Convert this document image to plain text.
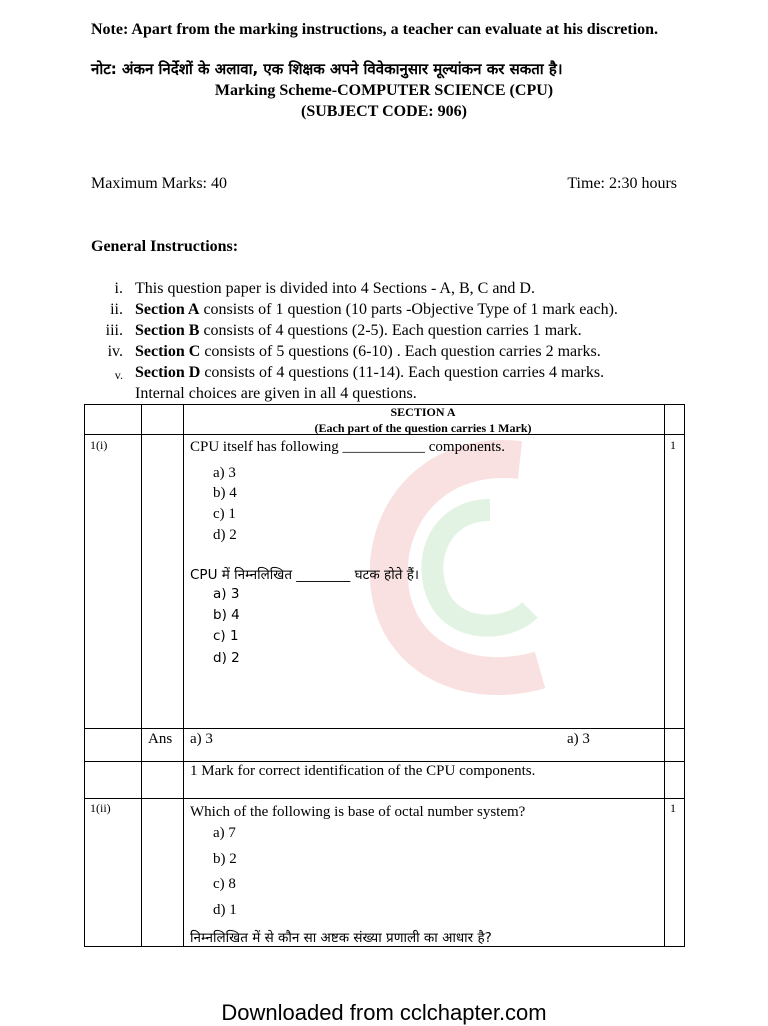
Note: Apart from the marking instructions, a teacher can evaluate at his discretion.
नोट: अंकन निर्देशों के अलावा, एक शिक्षक अपने विवेकानुसार मूल्यांकन कर सकता है।
Marking Scheme-COMPUTER SCIENCE (CPU)
(SUBJECT CODE: 906)
Maximum Marks: 40	Time: 2:30 hours
General Instructions:
i. This question paper is divided into 4 Sections - A, B, C and D.
ii. Section A consists of 1 question (10 parts -Objective Type of 1 mark each).
iii. Section B consists of 4 questions (2-5). Each question carries 1 mark.
iv. Section C consists of 5 questions (6-10) . Each question carries 2 marks.
v. Section D consists of 4 questions (11-14). Each question carries 4 marks.
Internal choices are given in all 4 questions.
SECTION A
(Each part of the question carries 1 Mark)
1(i)	CPU itself has following ___________ components.	1
a) 3
b) 4
c) 1
d) 2
CPU में निम्नलिखित ________ घटक होते हैं।
a) 3
b) 4
c) 1
d) 2
Ans a) 3	a) 3
1 Mark for correct identification of the CPU components.
1(ii)	Which of the following is base of octal number system?	1
a) 7
b) 2
c) 8
d) 1
निम्नलिखित में से कौन सा अष्टक संख्या प्रणाली का आधार है?
Downloaded from cclchapter.com
